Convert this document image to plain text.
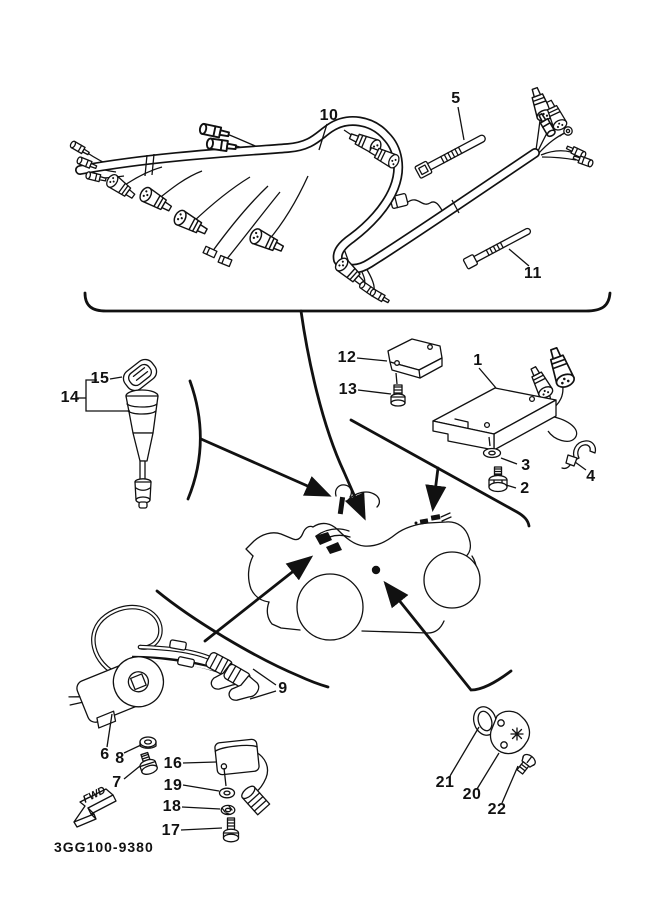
FWD
1
2
3
4
5
6
7
8
9
10
11
12
13
14
15
16
17
18
19
20
21
22
3GG100-9380
